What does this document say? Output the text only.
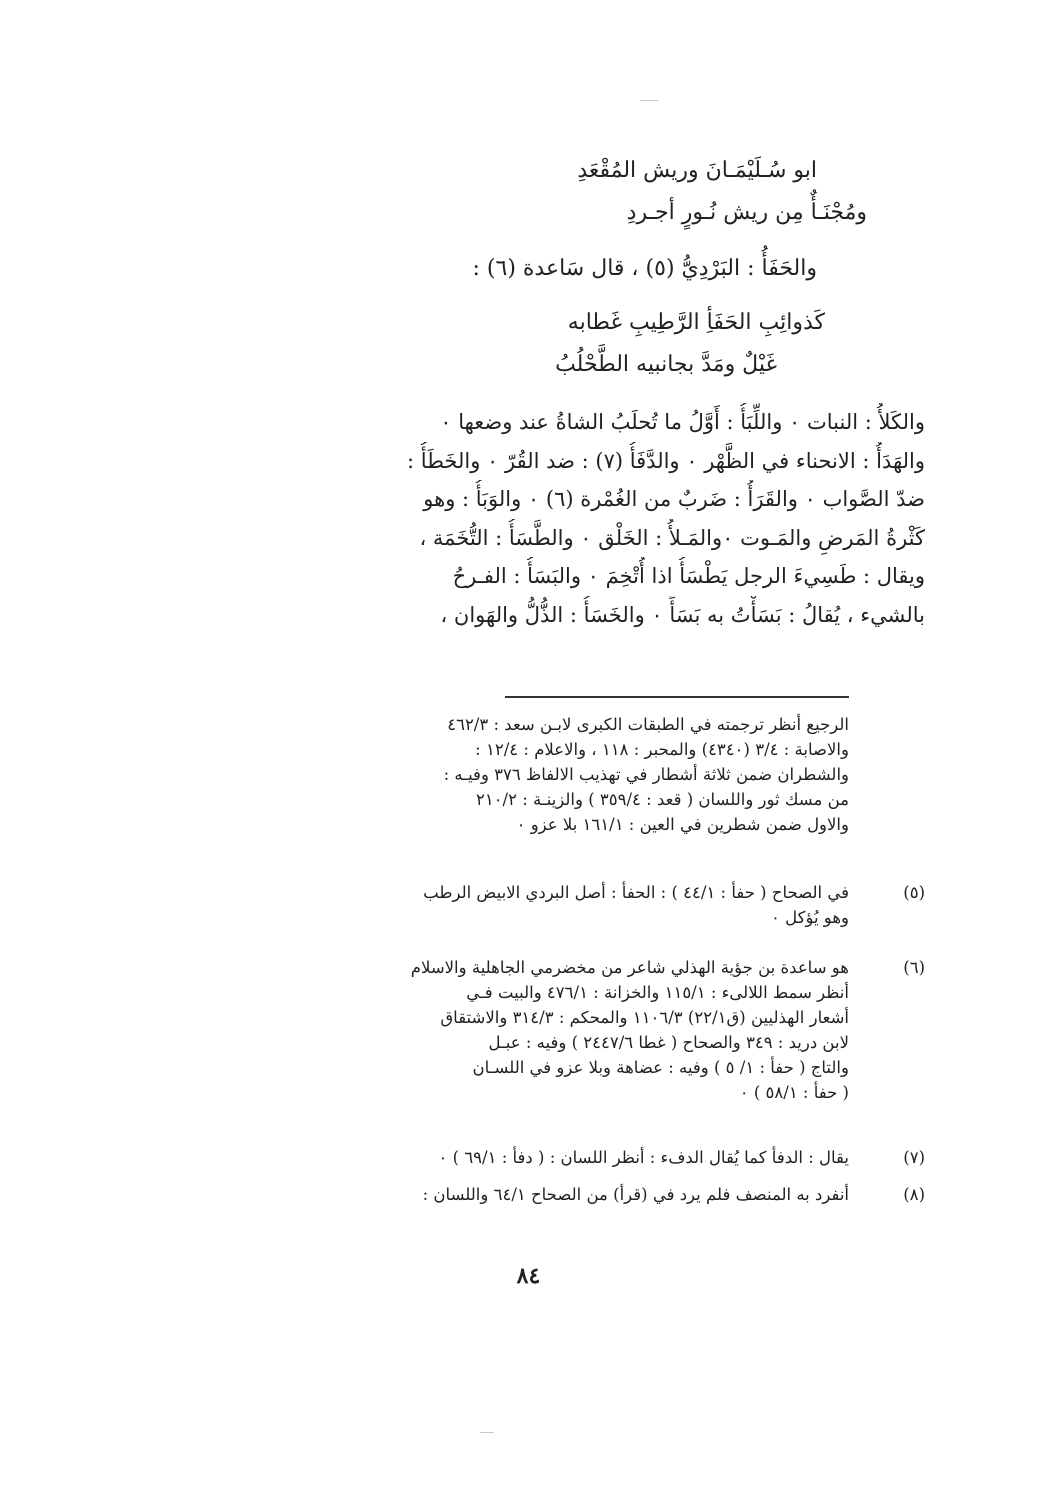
ابو سُـلَيْمَـانَ وريش المُقْعَدِ
ومُجْنَـأٌ مِن ريش نُـورٍ أجـردِ
والحَفَأُ : البَرْدِيُّ (٥) ، قال سَاعدة (٦) :
كَذوائِبِ الحَفَأِ الرَّطِيبِ غَطابه
غَيْلٌ ومَدَّ بجانبيه الطَّحْلُبُ
والكَلأُ : النبات ٠ واللِّبَأُ : أَوَّلُ ما تُحلَبُ الشاةُ عند وضعها ٠
والهَدَأُ : الانحناء في الظَّهْر ٠ والدَّفَأُ (٧) : ضد القُرّ ٠ والخَطَأُ :
ضدّ الصَّواب ٠ والقَرَأُ : ضَربٌ من الغُمْرة (٦) ٠ والوَبَأُ : وهو
كَثْرةُ المَرضِ والمَـوت ٠والمَـلأُ : الخَلْق ٠ والطَّسَأُ : التُّخَمَة ،
ويقال : طَسِيءَ الرجل يَطْسَأُ اذا أُتْخِمَ ٠ والبَسَأُ : الفـرحُ
بالشيء ، يُقالُ : بَسَأْتُ به بَسَأً ٠ والخَسَأُ : الذُّلُّ والهَوان ،
الرجيع أنظر ترجمته في الطبقات الكبرى لابـن سعد : ٤٦٢/٣
والاصابة : ٣/٤ (٤٣٤٠) والمحبر : ١١٨ ، والاعلام : ١٢/٤ :
والشطران ضمن ثلاثة أشطار في تهذيب الالفاظ ٣٧٦ وفيـه :
من مسك ثور واللسان ( قعد : ٣٥٩/٤ ) والزينـة : ٢١٠/٢
والاول ضمن شطرين في العين : ١٦١/١ بلا عزو ٠
(٥)
في الصحاح ( حفأ : ٤٤/١ ) : الحفأ : أصل البردي الابيض الرطب
وهو يُؤكل ٠
(٦)
هو ساعدة بن جؤية الهذلي شاعر من مخضرمي الجاهلية والاسلام
أنظر سمط اللالىء : ١١٥/١ والخزانة : ٤٧٦/١ والبيت فـي
أشعار الهذليين (ق٢٢/١) ١١٠٦/٣ والمحكم : ٣١٤/٣ والاشتقاق
لابن دريد : ٣٤٩ والصحاح ( غطا ٢٤٤٧/٦ ) وفيه : عبـل
والتاج ( حفأ : ١/ ٥ ) وفيه : عضاهة وبلا عزو في اللسـان
( حفأ : ٥٨/١ ) ٠
(٧)
يقال : الدفأ كما يُقال الدفء : أنظر اللسان : ( دفأ : ٦٩/١ ) ٠
(٨)
أنفرد به المنصف فلم يرد في (قرأ) من الصحاح ٦٤/١ واللسان :
٨٤
